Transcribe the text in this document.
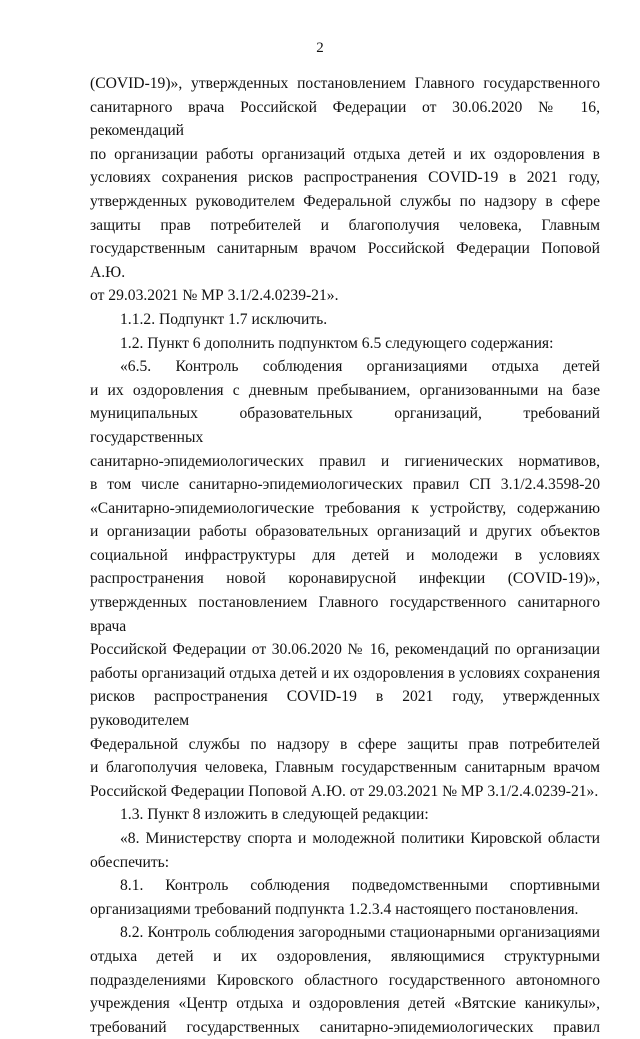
2

(COVID-19)», утвержденных постановлением Главного государственного

санитарного врача Российской Федерации от 30.06.2020 № 16, рекомендаций

по организации работы организаций отдыха детей и их оздоровления в

условиях сохранения рисков распространения COVID-19 в 2021 году,

утвержденных руководителем Федеральной службы по надзору в сфере

защиты прав потребителей и благополучия человека, Главным

государственным санитарным врачом Российской Федерации Поповой А.Ю.

от 29.03.2021 № МР 3.1/2.4.0239-21».

1.1.2. Подпункт 1.7 исключить.

1.2. Пункт 6 дополнить подпунктом 6.5 следующего содержания:

«6.5. Контроль соблюдения организациями отдыха детей

и их оздоровления с дневным пребыванием, организованными на базе

муниципальных образовательных организаций, требований государственных

санитарно-эпидемиологических правил и гигиенических нормативов,

в том числе санитарно-эпидемиологических правил СП 3.1/2.4.3598-20

«Санитарно-эпидемиологические требования к устройству, содержанию

и организации работы образовательных организаций и других объектов

социальной инфраструктуры для детей и молодежи в условиях

распространения новой коронавирусной инфекции (COVID-19)»,

утвержденных постановлением Главного государственного санитарного врача

Российской Федерации от 30.06.2020 № 16, рекомендаций по организации

работы организаций отдыха детей и их оздоровления в условиях сохранения

рисков распространения COVID-19 в 2021 году, утвержденных руководителем

Федеральной службы по надзору в сфере защиты прав потребителей

и благополучия человека, Главным государственным санитарным врачом

Российской Федерации Поповой А.Ю. от 29.03.2021 № МР 3.1/2.4.0239-21».

1.3. Пункт 8 изложить в следующей редакции:

«8. Министерству спорта и молодежной политики Кировской области

обеспечить:

8.1. Контроль соблюдения подведомственными спортивными

организациями требований подпункта 1.2.3.4 настоящего постановления.

8.2. Контроль соблюдения загородными стационарными организациями

отдыха детей и их оздоровления, являющимися структурными

подразделениями Кировского областного государственного автономного

учреждения «Центр отдыха и оздоровления детей «Вятские каникулы»,

требований государственных санитарно-эпидемиологических правил
